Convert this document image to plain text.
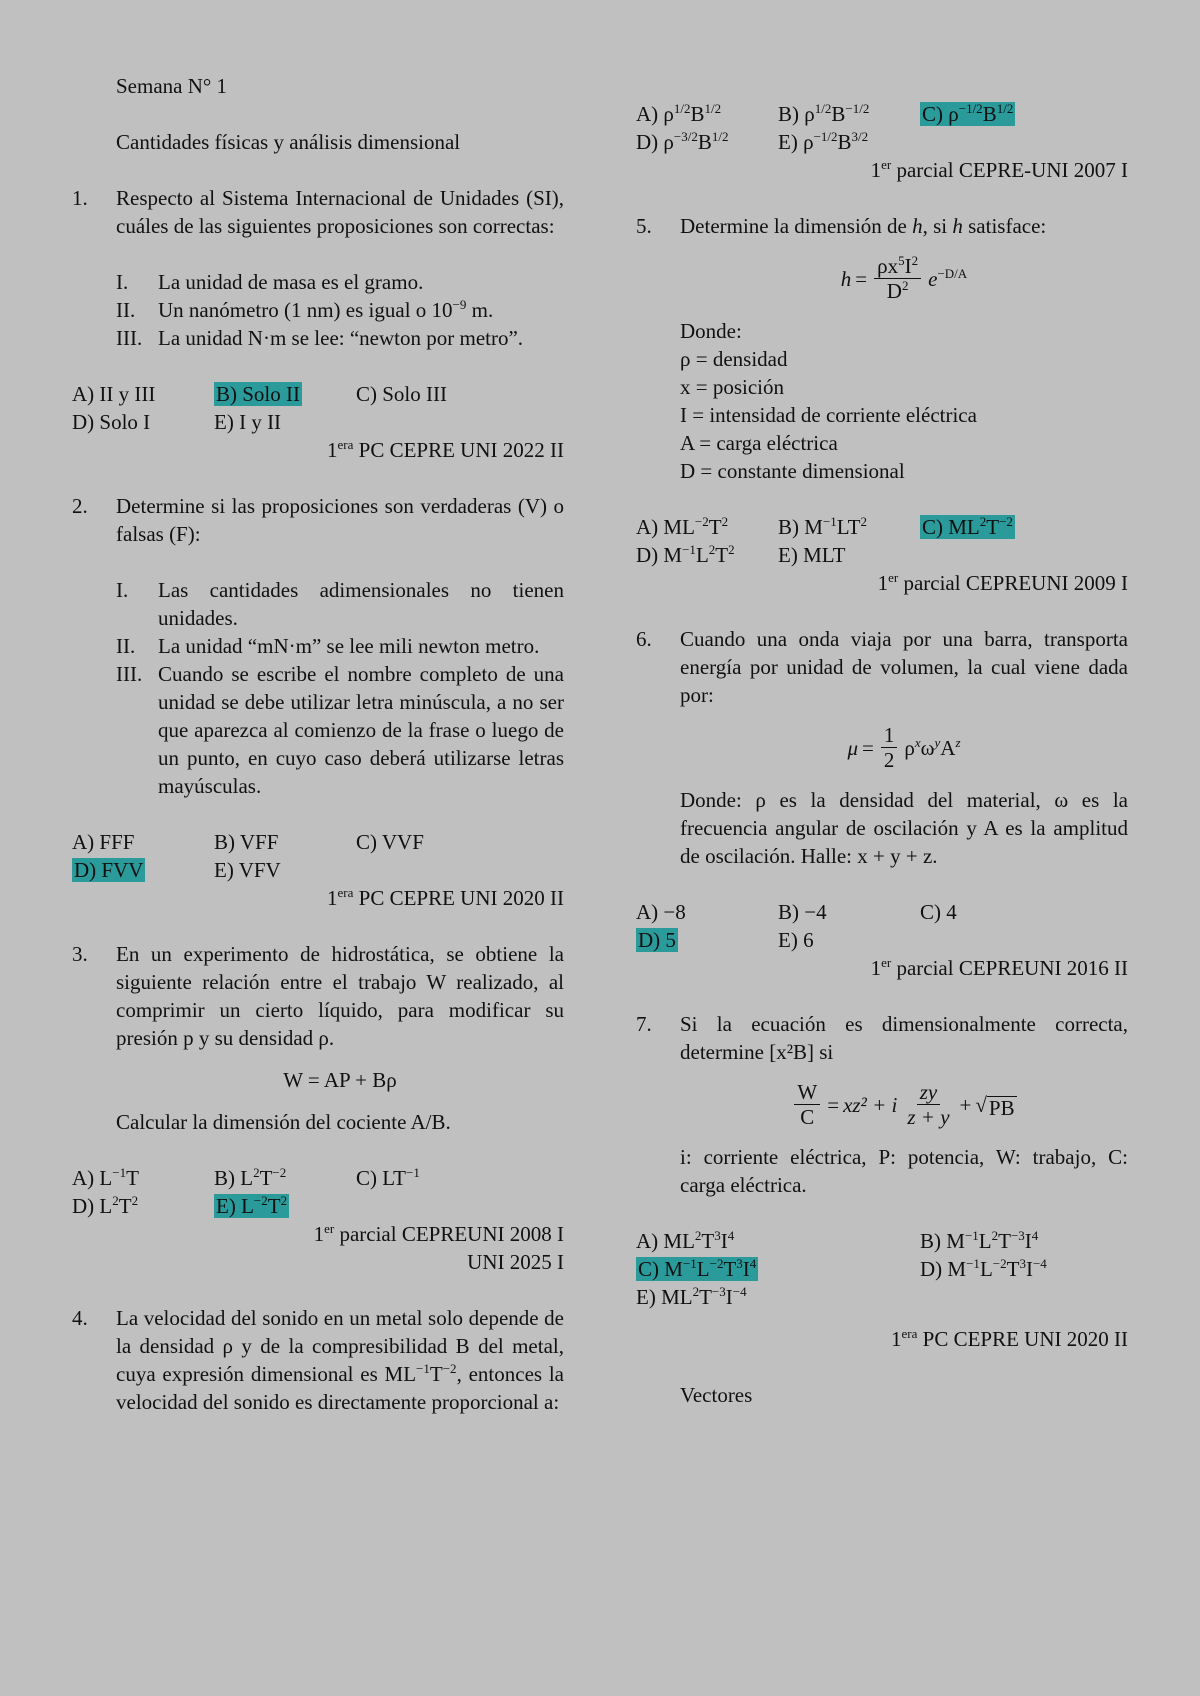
Semana N° 1
Cantidades físicas y análisis dimensional
1.	Respecto al Sistema Internacional de Unidades (SI), cuáles de las siguientes proposiciones son correctas:
I.	La unidad de masa es el gramo.
II.	Un nanómetro (1 nm) es igual o $10^{-9}$ m.
III. La unidad N·m se lee: “newton por metro”.
A) II y III	B) Solo II	C) Solo III
D) Solo I	E) I y II
$1^{era}$ PC CEPRE UNI 2022 II
2.	Determine si las proposiciones son verdaderas (V) o falsas (F):
I.	Las cantidades adimensionales no tienen unidades.
II.	La unidad “mN·m” se lee mili newton metro.
III. Cuando se escribe el nombre completo de una unidad se debe utilizar letra minúscula, a no ser que aparezca al comienzo de la frase o luego de un punto, en cuyo caso deberá utilizarse letras mayúsculas.
A) FFF	B) VFF	C) VVF
D) FVV	E) VFV
$1^{era}$ PC CEPRE UNI 2020 II
3.	En un experimento de hidrostática, se obtiene la siguiente relación entre el trabajo W realizado, al comprimir un cierto líquido, para modificar su presión p y su densidad ρ.
W = AP + Bρ
Calcular la dimensión del cociente A/B.
A) $L^{-1}T$	B) $L^2T^{-2}$	C) $LT^{-1}$
D) $L^2T^2$	E) $L^{-2}T^2$
1er parcial CEPREUNI 2008 I
UNI 2025 I
4.	La velocidad del sonido en un metal solo depende de la densidad ρ y de la compresibilidad B del metal, cuya expresión dimensional es $ML^{-1}T^{-2}$, entonces la velocidad del sonido es directamente proporcional a:
A) $\rho^{1/2}B^{1/2}$	B) $\rho^{1/2}B^{-1/2}$	C) $\rho^{-1/2}B^{1/2}$
D) $\rho^{-3/2}B^{1/2}$	E) $\rho^{-1/2}B^{3/2}$
1er parcial CEPRE-UNI 2007 I
5.	Determine la dimensión de h, si h satisface:
$h = \frac{\rho x^5I^2}{D^2} e^{-D/A}$
Donde:
ρ = densidad
x = posición
I = intensidad de corriente eléctrica
A = carga eléctrica
D = constante dimensional
A) $ML^{-2}T^2$	B) $M^{-1}LT^2$	C) $ML^2T^{-2}$
D) $M^{-1}L^2T^2$	E) MLT
1er parcial CEPREUNI 2009 I
6.	Cuando una onda viaja por una barra, transporta energía por unidad de volumen, la cual viene dada por:
$\mu = \frac{1}{2} \rho^x\omega^yA^z$
Donde: ρ es la densidad del material, ω es la frecuencia angular de oscilación y A es la amplitud de oscilación. Halle: x + y + z.
A) −8	B) −4	C) 4
D) 5	E) 6
1er parcial CEPREUNI 2016 II
7.	Si la ecuación es dimensionalmente correcta, determine [x²B] si
$\frac{W}{C} = xz^2 + i \frac{zy}{z + y}$ + √ PB
i: corriente eléctrica, P: potencia, W: trabajo, C: carga eléctrica.
A) $ML^2T^3I^4$	B) $M^{-1}L^2T^{-3}I^4$
C) $M^{-1}L^{-2}T^3I^4$	D) $M^{-1}L^{-2}T^3I^{-4}$
E) $ML^2T^{-3}I^{-4}$
$1^{era}$ PC CEPRE UNI 2020 II
Vectores
